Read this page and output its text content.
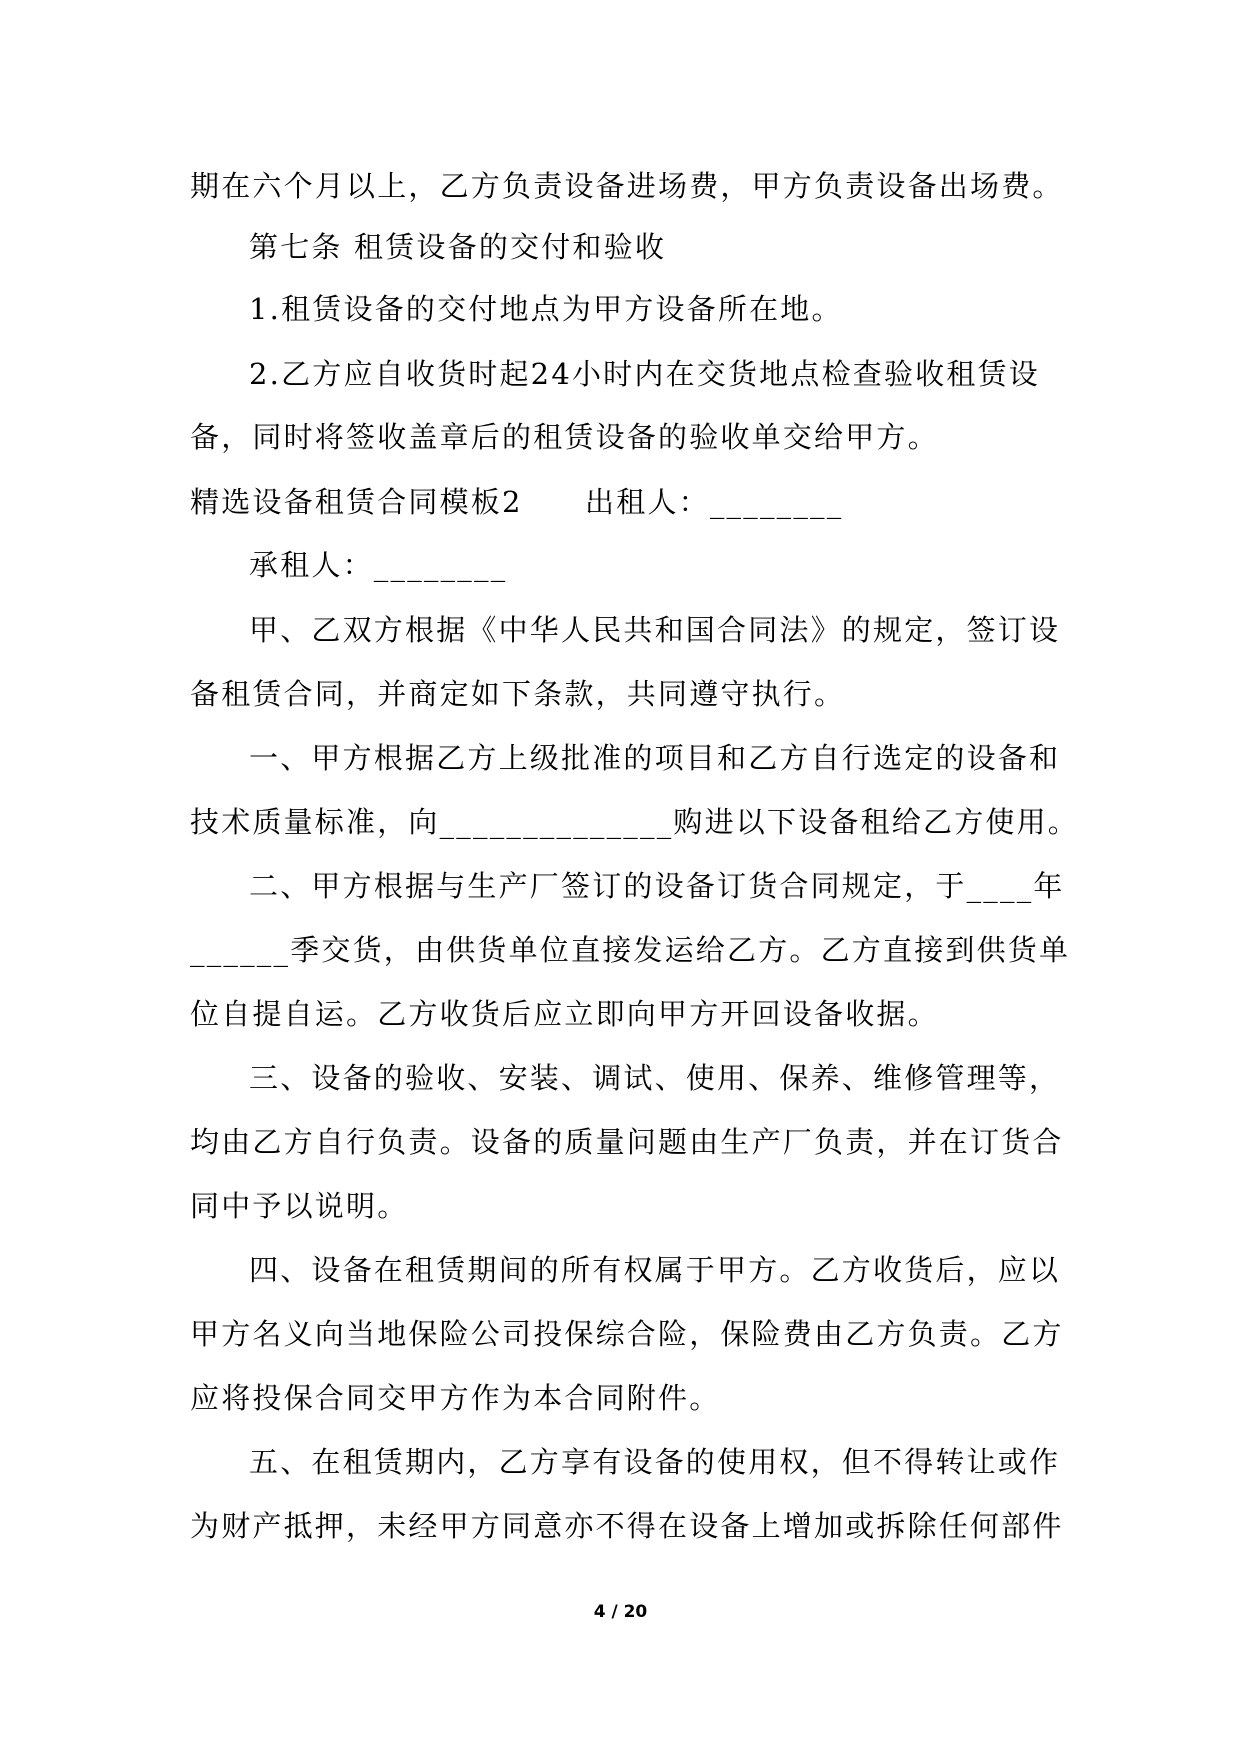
期在六个月以上，乙方负责设备进场费，甲方负责设备出场费。
第七条 租赁设备的交付和验收
1.租赁设备的交付地点为甲方设备所在地。
2.乙方应自收货时起24小时内在交货地点检查验收租赁设
备，同时将签收盖章后的租赁设备的验收单交给甲方。
精选设备租赁合同模板2　　出租人：________
承租人：________
甲、乙双方根据《中华人民共和国合同法》的规定，签订设
备租赁合同，并商定如下条款，共同遵守执行。
一、甲方根据乙方上级批准的项目和乙方自行选定的设备和
技术质量标准，向______________购进以下设备租给乙方使用。
二、甲方根据与生产厂签订的设备订货合同规定，于____年
______季交货，由供货单位直接发运给乙方。乙方直接到供货单
位自提自运。乙方收货后应立即向甲方开回设备收据。
三、设备的验收、安装、调试、使用、保养、维修管理等，
均由乙方自行负责。设备的质量问题由生产厂负责，并在订货合
同中予以说明。
四、设备在租赁期间的所有权属于甲方。乙方收货后，应以
甲方名义向当地保险公司投保综合险，保险费由乙方负责。乙方
应将投保合同交甲方作为本合同附件。
五、在租赁期内，乙方享有设备的使用权，但不得转让或作
为财产抵押，未经甲方同意亦不得在设备上增加或拆除任何部件
4 / 20
